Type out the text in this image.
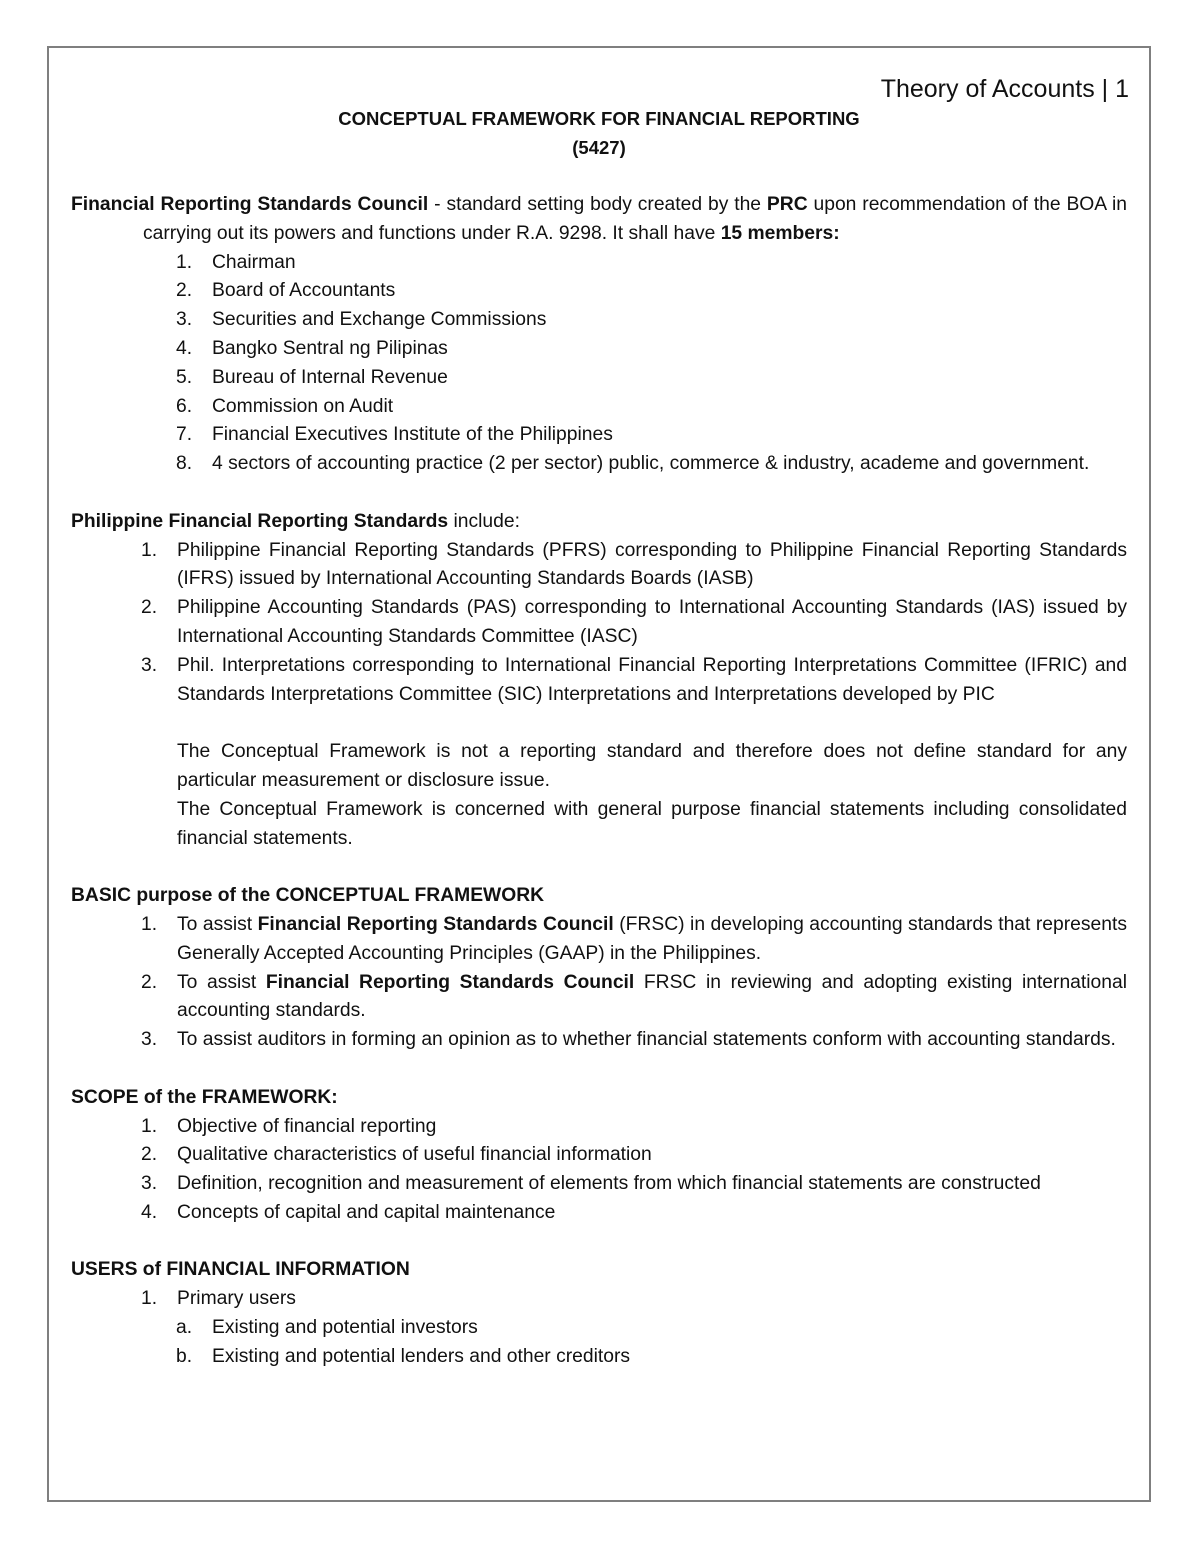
Theory of Accounts | 1
CONCEPTUAL FRAMEWORK FOR FINANCIAL REPORTING
(5427)

Financial Reporting Standards Council - standard setting body created by the PRC upon recommendation of the BOA in carrying out its powers and functions under R.A. 9298. It shall have 15 members:

1. Chairman
2. Board of Accountants
3. Securities and Exchange Commissions
4. Bangko Sentral ng Pilipinas
5. Bureau of Internal Revenue
6. Commission on Audit
7. Financial Executives Institute of the Philippines
8. 4 sectors of accounting practice (2 per sector) public, commerce & industry, academe and government.

Philippine Financial Reporting Standards include:

1. Philippine Financial Reporting Standards (PFRS) corresponding to Philippine Financial Reporting Standards (IFRS) issued by International Accounting Standards Boards (IASB)
2. Philippine Accounting Standards (PAS) corresponding to International Accounting Standards (IAS) issued by International Accounting Standards Committee (IASC)
3. Phil. Interpretations corresponding to International Financial Reporting Interpretations Committee (IFRIC) and Standards Interpretations Committee (SIC) Interpretations and Interpretations developed by PIC
The Conceptual Framework is not a reporting standard and therefore does not define standard for any particular measurement or disclosure issue.
The Conceptual Framework is concerned with general purpose financial statements including consolidated financial statements.

BASIC purpose of the CONCEPTUAL FRAMEWORK

1. To assist Financial Reporting Standards Council (FRSC) in developing accounting standards that represents Generally Accepted Accounting Principles (GAAP) in the Philippines.
2. To assist Financial Reporting Standards Council FRSC in reviewing and adopting existing international accounting standards.
3. To assist auditors in forming an opinion as to whether financial statements conform with accounting standards.

SCOPE of the FRAMEWORK:

1. Objective of financial reporting
2. Qualitative characteristics of useful financial information
3. Definition, recognition and measurement of elements from which financial statements are constructed
4. Concepts of capital and capital maintenance

USERS of FINANCIAL INFORMATION

1. Primary users
a. Existing and potential investors
b. Existing and potential lenders and other creditors
